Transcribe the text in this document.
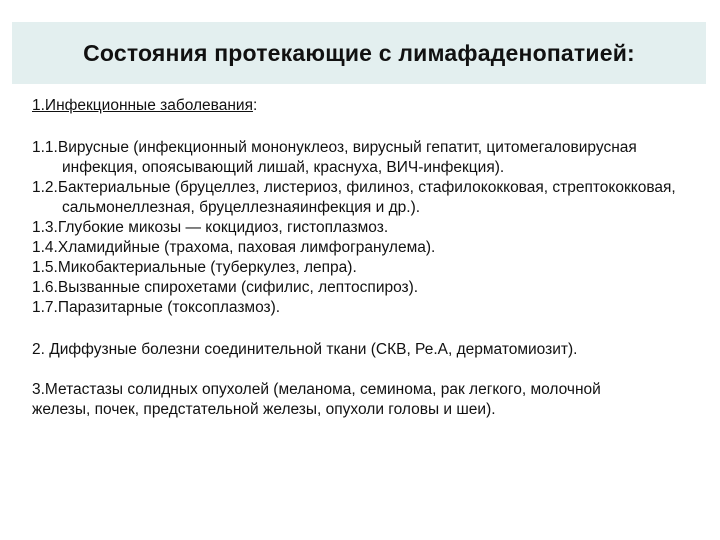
Состояния протекающие с лимафаденопатией:

1.Инфекционные заболевания:

1.1.Вирусные (инфекционный мононуклеоз, вирусный гепатит, цитомегаловирусная инфекция, опоясывающий лишай, краснуха, ВИЧ-инфекция).

1.2.Бактериальные (бруцеллез, листериоз, филиноз, стафилококковая, стрептококковая, сальмонеллезная, бруцеллезнаяинфекция и др.).

1.3.Глубокие микозы — кокцидиоз, гистоплазмоз.

1.4.Хламидийные (трахома, паховая лимфогранулема).

1.5.Микобактериальные (туберкулез, лепра).

1.6.Вызванные спирохетами (сифилис, лептоспироз).

1.7.Паразитарные (токсоплазмоз).

2. Диффузные болезни соединительной ткани (СКВ, Ре.А, дерматомиозит).

3.Метастазы солидных опухолей (меланома, семинома, рак легкого, молочной железы, почек, предстательной железы, опухоли головы и шеи).
